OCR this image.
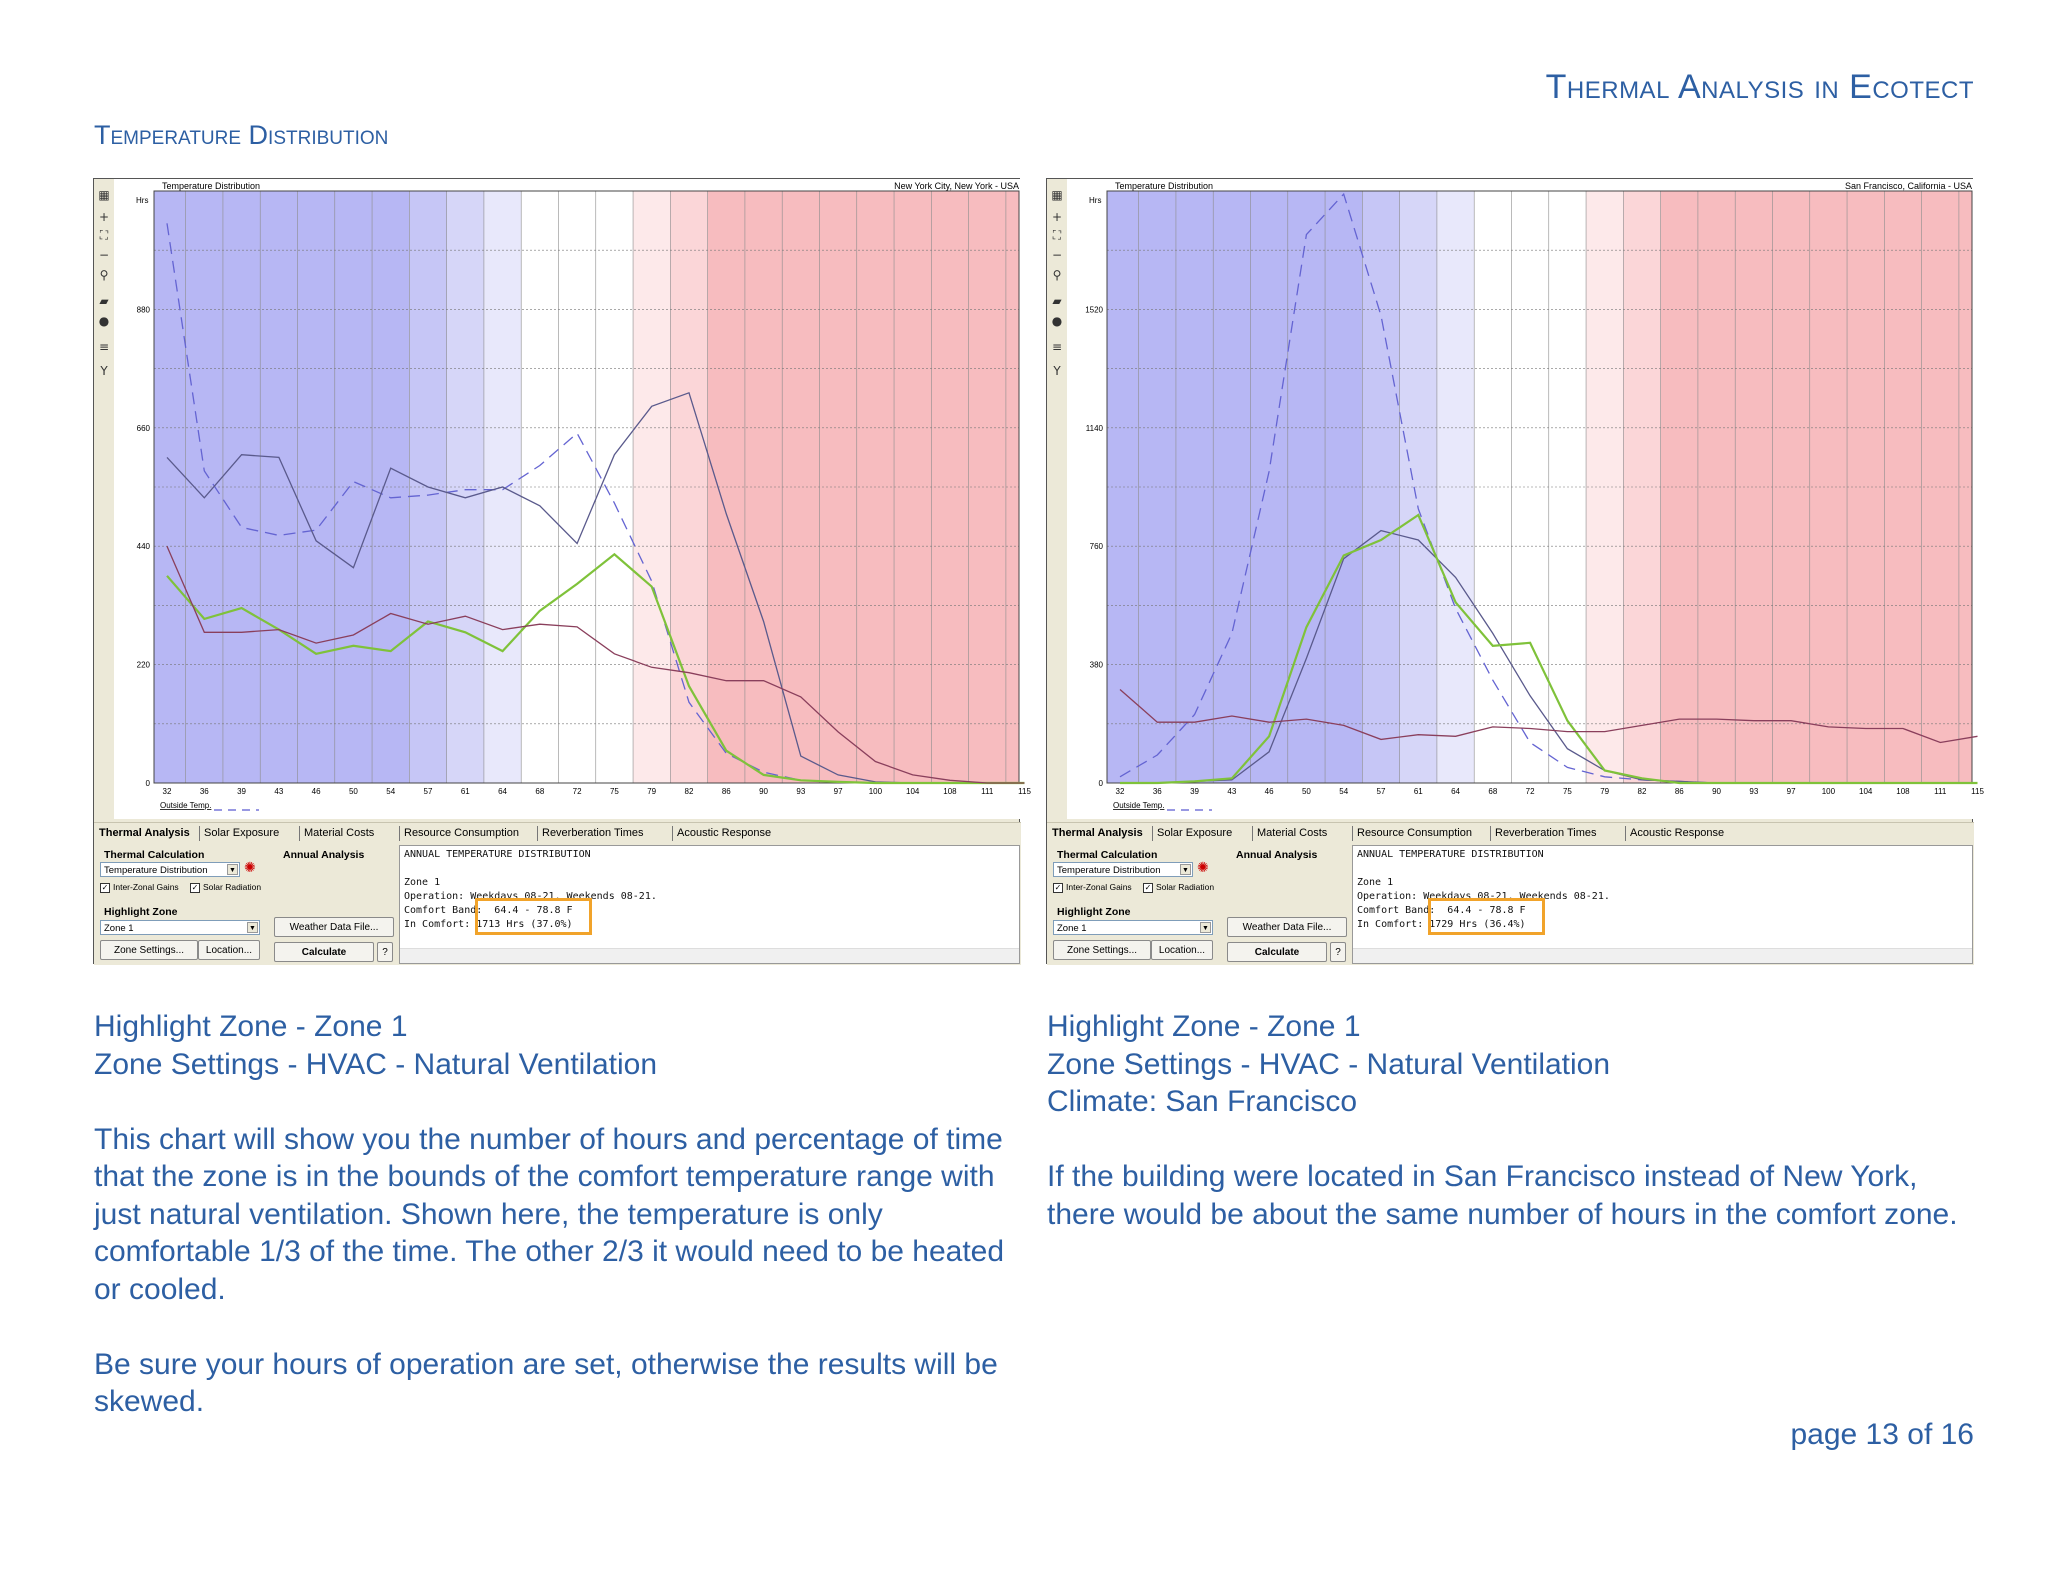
Thermal Analysis in Ecotect
Temperature Distribution
▦
+
⛶
−
⚲
▰
●
≡
Y
Temperature Distribution	New York City, New York - USA
Hrs
0
220
440
660
880
32	36	39	43	46	50	54	57	61	64	68	72	75	79	82	86	90	93	97	100	104	108	111	115
Outside Temp.
Thermal Analysis Solar Exposure Material Costs	Resource Consumption Reverberation Times	Acoustic Response
Thermal Calculation
Temperature Distribution	▼ ✺
✓ Inter-Zonal Gains ✓ Solar Radiation
Highlight Zone
Zone 1	▼
Zone Settings...	Location...
Annual Analysis
Weather Data File...
Calculate	?
ANNUAL TEMPERATURE DISTRIBUTION
Zone 1
Operation: Weekdays 08-21, Weekends 08-21.
Comfort Band:  64.4 - 78.8 F
In Comfort: 1713 Hrs (37.0%)
▦
+
⛶
−
⚲
▰
●
≡
Y
Temperature Distribution	San Francisco, California - USA
Hrs
0
380
760
1140
1520
32	36	39	43	46	50	54	57	61	64	68	72	75	79	82	86	90	93	97	100	104	108	111	115
Outside Temp.
Thermal Analysis Solar Exposure Material Costs	Resource Consumption Reverberation Times	Acoustic Response
Thermal Calculation
Temperature Distribution	▼ ✺
✓ Inter-Zonal Gains ✓ Solar Radiation
Highlight Zone
Zone 1	▼
Zone Settings...	Location...
Annual Analysis
Weather Data File...
Calculate	?
ANNUAL TEMPERATURE DISTRIBUTION
Zone 1
Operation: Weekdays 08-21, Weekends 08-21.
Comfort Band:  64.4 - 78.8 F
In Comfort: 1729 Hrs (36.4%)

Highlight Zone - Zone 1

Zone Settings - HVAC - Natural Ventilation

This chart will show you the number of hours and percentage of time that the zone is in the bounds of the comfort temperature range with just natural ventilation. Shown here, the temperature is only comfortable 1/3 of the time. The other 2/3 it would need to be heated or cooled.

Be sure your hours of operation are set, otherwise the results will be skewed.

Highlight Zone - Zone 1

Zone Settings - HVAC - Natural Ventilation

Climate: San Francisco

If the building were located in San Francisco instead of New York, there would be about the same number of hours in the comfort zone.

page 13 of 16
